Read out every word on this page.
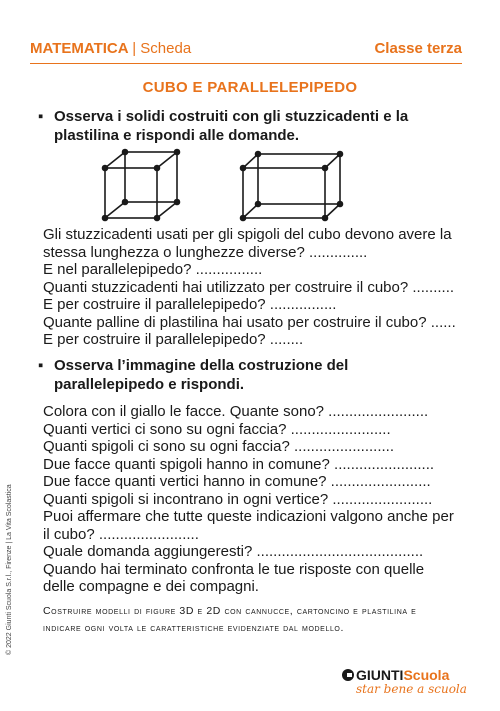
MATEMATICA | Scheda	Classe terza
CUBO E PARALLELEPIPEDO
▪ Osserva i solidi costruiti con gli stuzzicadenti e la plastilina e rispondi alle domande.
Gli stuzzicadenti usati per gli spigoli del cubo devono avere la
stessa lunghezza o lunghezze diverse? ..............
E nel parallelepipedo? ................
Quanti stuzzicadenti hai utilizzato per costruire il cubo? ..........
E per costruire il parallelepipedo? ................
Quante palline di plastilina hai usato per costruire il cubo? ......
E per costruire il parallelepipedo? ........
▪ Osserva l’immagine della costruzione del parallelepipedo e rispondi.
Colora con il giallo le facce. Quante sono? ........................
Quanti vertici ci sono su ogni faccia? ........................
Quanti spigoli ci sono su ogni faccia? ........................
Due facce quanti spigoli hanno in comune? ........................
Due facce quanti vertici hanno in comune? ........................
Quanti spigoli si incontrano in ogni vertice? ........................
Puoi affermare che tutte queste indicazioni valgono anche per
il cubo? ........................
Quale domanda aggiungeresti? ........................................
Quando hai terminato confronta le tue risposte con quelle
delle compagne e dei compagni.
Costruire modelli di figure 3D e 2D con cannucce, cartoncino e plastilina e indicare ogni volta le caratteristiche evidenziate dal modello.
© 2022 Giunti Scuola S.r.l., Firenze | La Vita Scolastica
GIUNTIScuola
star bene a scuola
